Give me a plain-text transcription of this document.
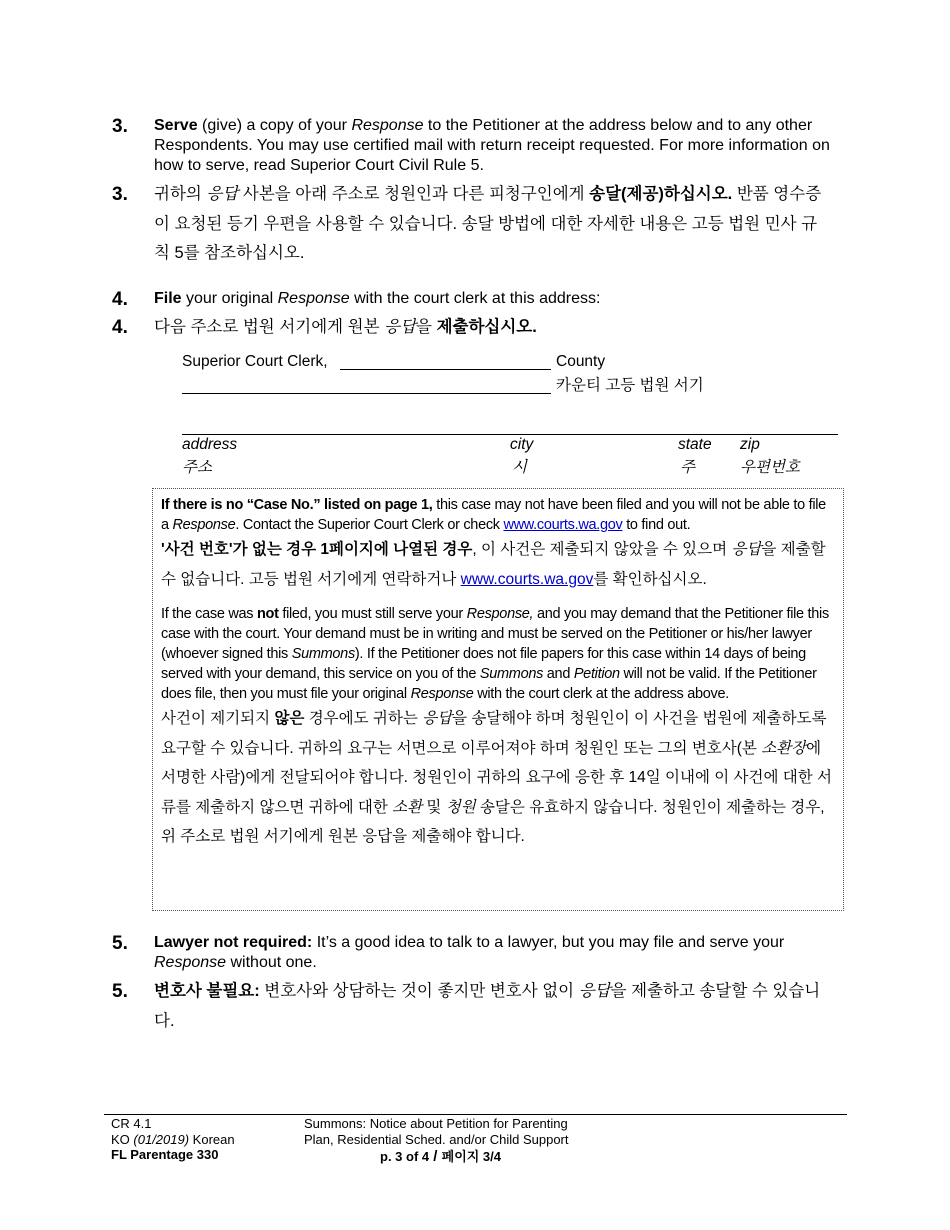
3. Serve (give) a copy of your Response to the Petitioner at the address below and to any other Respondents. You may use certified mail with return receipt requested. For more information on how to serve, read Superior Court Civil Rule 5.
3. 귀하의 응답 사본을 아래 주소로 청원인과 다른 피청구인에게 송달(제공)하십시오. 반품 영수증이 요청된 등기 우편을 사용할 수 있습니다. 송달 방법에 대한 자세한 내용은 고등 법원 민사 규칙 5를 참조하십시오.
4. File your original Response with the court clerk at this address:
4. 다음 주소로 법원 서기에게 원본 응답을 제출하십시오.
Superior Court Clerk,	County
카운티 고등 법원 서기
address	city	state zip
주소	시	주	우편번호
If there is no “Case No.” listed on page 1, this case may not have been filed and you will not be able to file a Response. Contact the Superior Court Clerk or check www.courts.wa.gov to find out.
'사건 번호'가 없는 경우 1페이지에 나열된 경우, 이 사건은 제출되지 않았을 수 있으며 응답을 제출할 수 없습니다. 고등 법원 서기에게 연락하거나 www.courts.wa.gov를 확인하십시오.
If the case was not filed, you must still serve your Response, and you may demand that the Petitioner file this case with the court. Your demand must be in writing and must be served on the Petitioner or his/her lawyer (whoever signed this Summons). If the Petitioner does not file papers for this case within 14 days of being served with your demand, this service on you of the Summons and Petition will not be valid. If the Petitioner does file, then you must file your original Response with the court clerk at the address above.
사건이 제기되지 않은 경우에도 귀하는 응답을 송달해야 하며 청원인이 이 사건을 법원에 제출하도록 요구할 수 있습니다. 귀하의 요구는 서면으로 이루어져야 하며 청원인 또는 그의 변호사(본 소환장에 서명한 사람)에게 전달되어야 합니다. 청원인이 귀하의 요구에 응한 후 14일 이내에 이 사건에 대한 서류를 제출하지 않으면 귀하에 대한 소환 및 청원 송달은 유효하지 않습니다. 청원인이 제출하는 경우, 위 주소로 법원 서기에게 원본 응답을 제출해야 합니다.
5. Lawyer not required: It’s a good idea to talk to a lawyer, but you may file and serve your Response without one.
5. 변호사 불필요: 변호사와 상담하는 것이 좋지만 변호사 없이 응답을 제출하고 송달할 수 있습니다.
CR 4.1
KO (01/2019) Korean
FL Parentage 330
Summons: Notice about Petition for Parenting
Plan, Residential Sched. and/or Child Support
p. 3 of 4 / 페이지 3/4
